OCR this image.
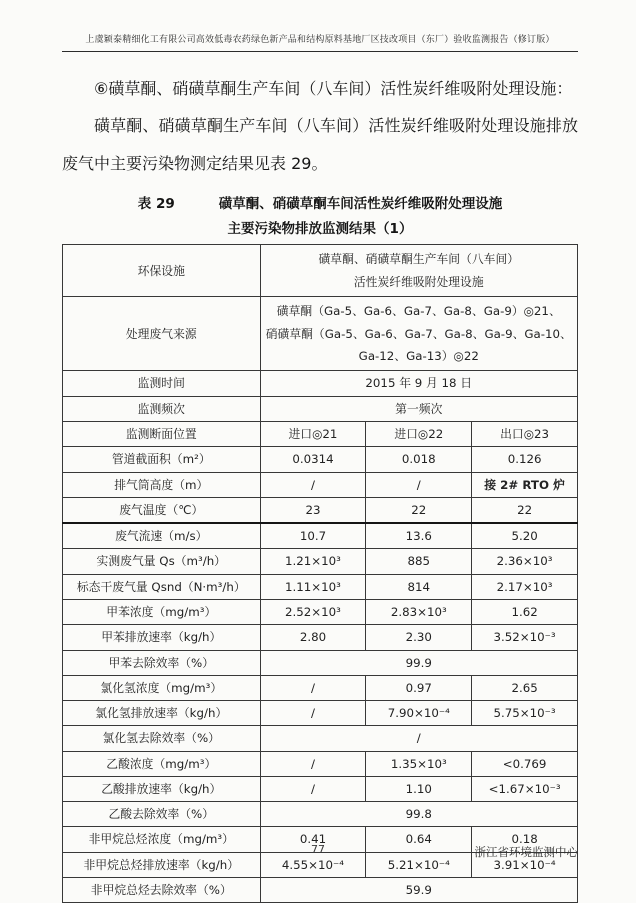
上虞颖泰精细化工有限公司高效低毒农药绿色新产品和结构原料基地厂区技改项目（东厂）验收监测报告（修订版）

⑥磺草酮、硝磺草酮生产车间（八车间）活性炭纤维吸附处理设施：

磺草酮、硝磺草酮生产车间（八车间）活性炭纤维吸附处理设施排放废气中主要污染物测定结果见表 29。

表 29	磺草酮、硝磺草酮车间活性炭纤维吸附处理设施
主要污染物排放监测结果（1）
环保设施	磺草酮、硝磺草酮生产车间（八车间）
活性炭纤维吸附处理设施		

处理废气来源	磺草酮（Ga-5、Ga-6、Ga-7、Ga-8、Ga-9）◎21、
硝磺草酮（Ga-5、Ga-6、Ga-7、Ga-8、Ga-9、Ga-10、
Ga-12、Ga-13）◎22		

监测时间	2015 年 9 月 18 日		
监测频次	第一频次		
监测断面位置	进口◎21	进口◎22	出口◎23
管道截面积（m²）	0.0314	0.018	0.126
排气筒高度（m）	/	/	接 2# RTO 炉
废气温度（℃）	23	22	22
废气流速（m/s）	10.7	13.6	5.20
实测废气量 Qs（m³/h）	1.21×10³	885	2.36×10³
标态干废气量 Qsnd（N·m³/h）	1.11×10³	814	2.17×10³
甲苯浓度（mg/m³）	2.52×10³	2.83×10³	1.62
甲苯排放速率（kg/h）	2.80	2.30	3.52×10⁻³
甲苯去除效率（%）	99.9		
氯化氢浓度（mg/m³）	/	0.97	2.65
氯化氢排放速率（kg/h）	/	7.90×10⁻⁴	5.75×10⁻³
氯化氢去除效率（%）	/		
乙酸浓度（mg/m³）	/	1.35×10³	<0.769
乙酸排放速率（kg/h）	/	1.10	<1.67×10⁻³
乙酸去除效率（%）	99.8		
非甲烷总烃浓度（mg/m³）	0.41	0.64	0.18
非甲烷总烃排放速率（kg/h）	4.55×10⁻⁴	5.21×10⁻⁴	3.91×10⁻⁴
非甲烷总烃去除效率（%）	59.9		
77	浙江省环境监测中心
